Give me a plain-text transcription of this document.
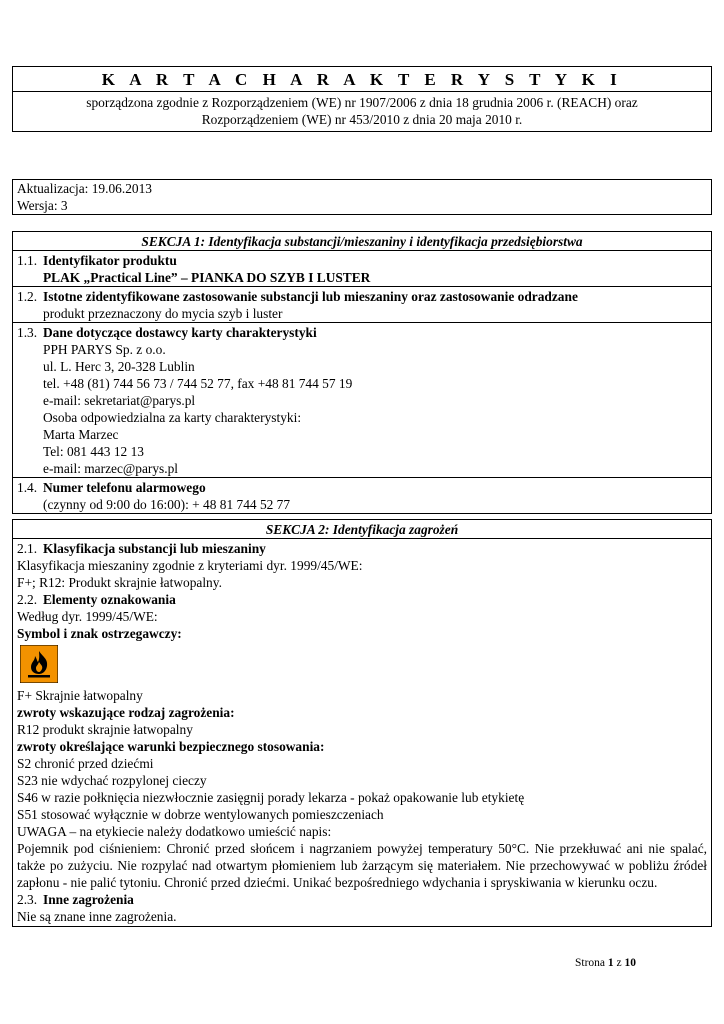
K A R T A C H A R A K T E R Y S T Y K I
sporządzona zgodnie z Rozporządzeniem (WE) nr 1907/2006 z dnia 18 grudnia 2006 r. (REACH) oraz
Rozporządzeniem (WE) nr 453/2010 z dnia 20 maja 2010 r.
Aktualizacja: 19.06.2013
Wersja: 3
SEKCJA 1: Identyfikacja substancji/mieszaniny i identyfikacja przedsiębiorstwa
1.1. Identyfikator produktu
PLAK „Practical Line” – PIANKA DO SZYB I LUSTER
1.2. Istotne zidentyfikowane zastosowanie substancji lub mieszaniny oraz zastosowanie odradzane
produkt przeznaczony do mycia szyb i luster
1.3. Dane dotyczące dostawcy karty charakterystyki
PPH PARYS Sp. z o.o.
ul. L. Herc 3, 20-328 Lublin
tel. +48 (81) 744 56 73 / 744 52 77, fax +48 81 744 57 19
e-mail: sekretariat@parys.pl
Osoba odpowiedzialna za karty charakterystyki:
Marta Marzec
Tel: 081 443 12 13
e-mail: marzec@parys.pl
1.4. Numer telefonu alarmowego
(czynny od 9:00 do 16:00): + 48 81 744 52 77
SEKCJA 2: Identyfikacja zagrożeń
2.1. Klasyfikacja substancji lub mieszaniny
Klasyfikacja mieszaniny zgodnie z kryteriami dyr. 1999/45/WE:
F+; R12: Produkt skrajnie łatwopalny.
2.2. Elementy oznakowania
Według dyr. 1999/45/WE:
Symbol i znak ostrzegawczy:
F+ Skrajnie łatwopalny
zwroty wskazujące rodzaj zagrożenia:
R12 produkt skrajnie łatwopalny
zwroty określające warunki bezpiecznego stosowania:
S2 chronić przed dziećmi
S23 nie wdychać rozpylonej cieczy
S46 w razie połknięcia niezwłocznie zasięgnij porady lekarza - pokaż opakowanie lub etykietę
S51 stosować wyłącznie w dobrze wentylowanych pomieszczeniach
UWAGA – na etykiecie należy dodatkowo umieścić napis:
Pojemnik pod ciśnieniem: Chronić przed słońcem i nagrzaniem powyżej temperatury 50°C. Nie przekłuwać ani nie spalać, także po zużyciu. Nie rozpylać nad otwartym płomieniem lub żarzącym się materiałem. Nie przechowywać w pobliżu źródeł zapłonu - nie palić tytoniu. Chronić przed dziećmi. Unikać bezpośredniego wdychania i spryskiwania w kierunku oczu.
2.3. Inne zagrożenia
Nie są znane inne zagrożenia.
Strona 1 z 10
